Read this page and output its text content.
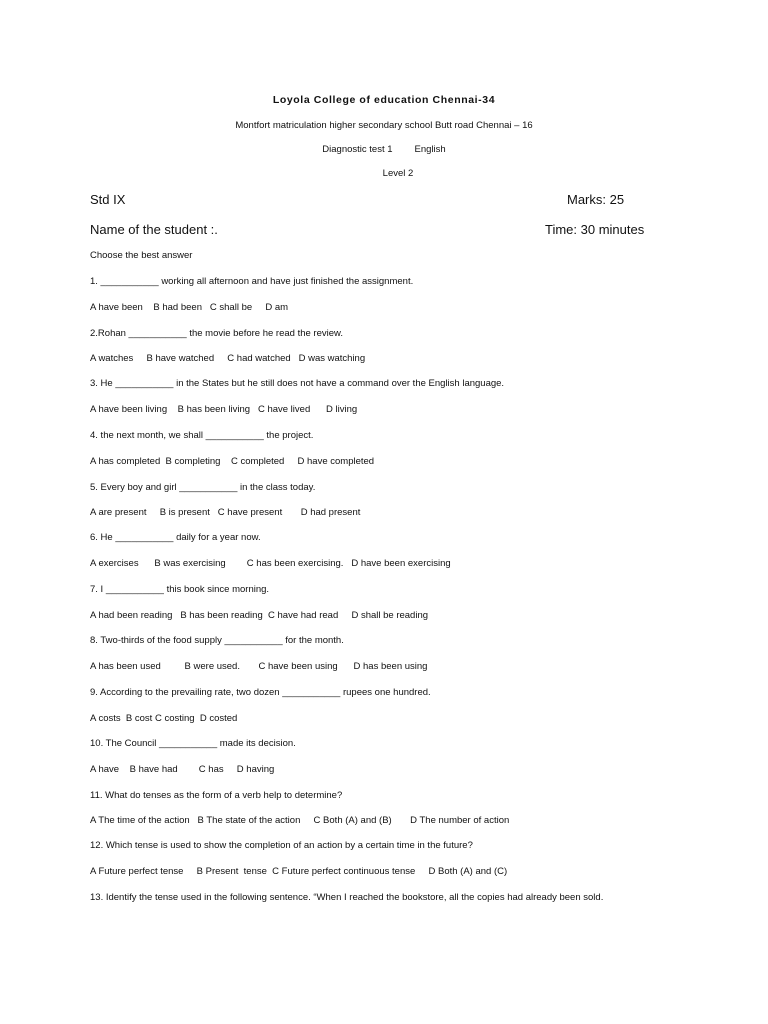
Loyola College of education Chennai-34
Montfort matriculation higher secondary school Butt road Chennai – 16
Diagnostic test 1 English
Level 2
Std IX	Marks: 25
Name of the student :.	Time: 30 minutes
Choose the best answer
1. ___________ working all afternoon and have just finished the assignment.
A have been    B had been   C shall be     D am
2.Rohan ___________ the movie before he read the review.
A watches     B have watched     C had watched   D was watching
3. He ___________ in the States but he still does not have a command over the English language.
A have been living    B has been living   C have lived      D living
4. the next month, we shall ___________ the project.
A has completed  B completing    C completed     D have completed
5. Every boy and girl ___________ in the class today.
A are present     B is present   C have present       D had present
6. He ___________ daily for a year now.
A exercises      B was exercising        C has been exercising.   D have been exercising
7. I ___________ this book since morning.
A had been reading   B has been reading  C have had read     D shall be reading
8. Two-thirds of the food supply ___________ for the month.
A has been used         B were used.       C have been using      D has been using
9. According to the prevailing rate, two dozen ___________ rupees one hundred.
A costs  B cost C costing  D costed
10. The Council ___________ made its decision.
A have    B have had        C has     D having
11. What do tenses as the form of a verb help to determine?
A The time of the action   B The state of the action     C Both (A) and (B)       D The number of action
12. Which tense is used to show the completion of an action by a certain time in the future?
A Future perfect tense     B Present  tense  C Future perfect continuous tense     D Both (A) and (C)
13. Identify the tense used in the following sentence. “When I reached the bookstore, all the copies had already been sold.
